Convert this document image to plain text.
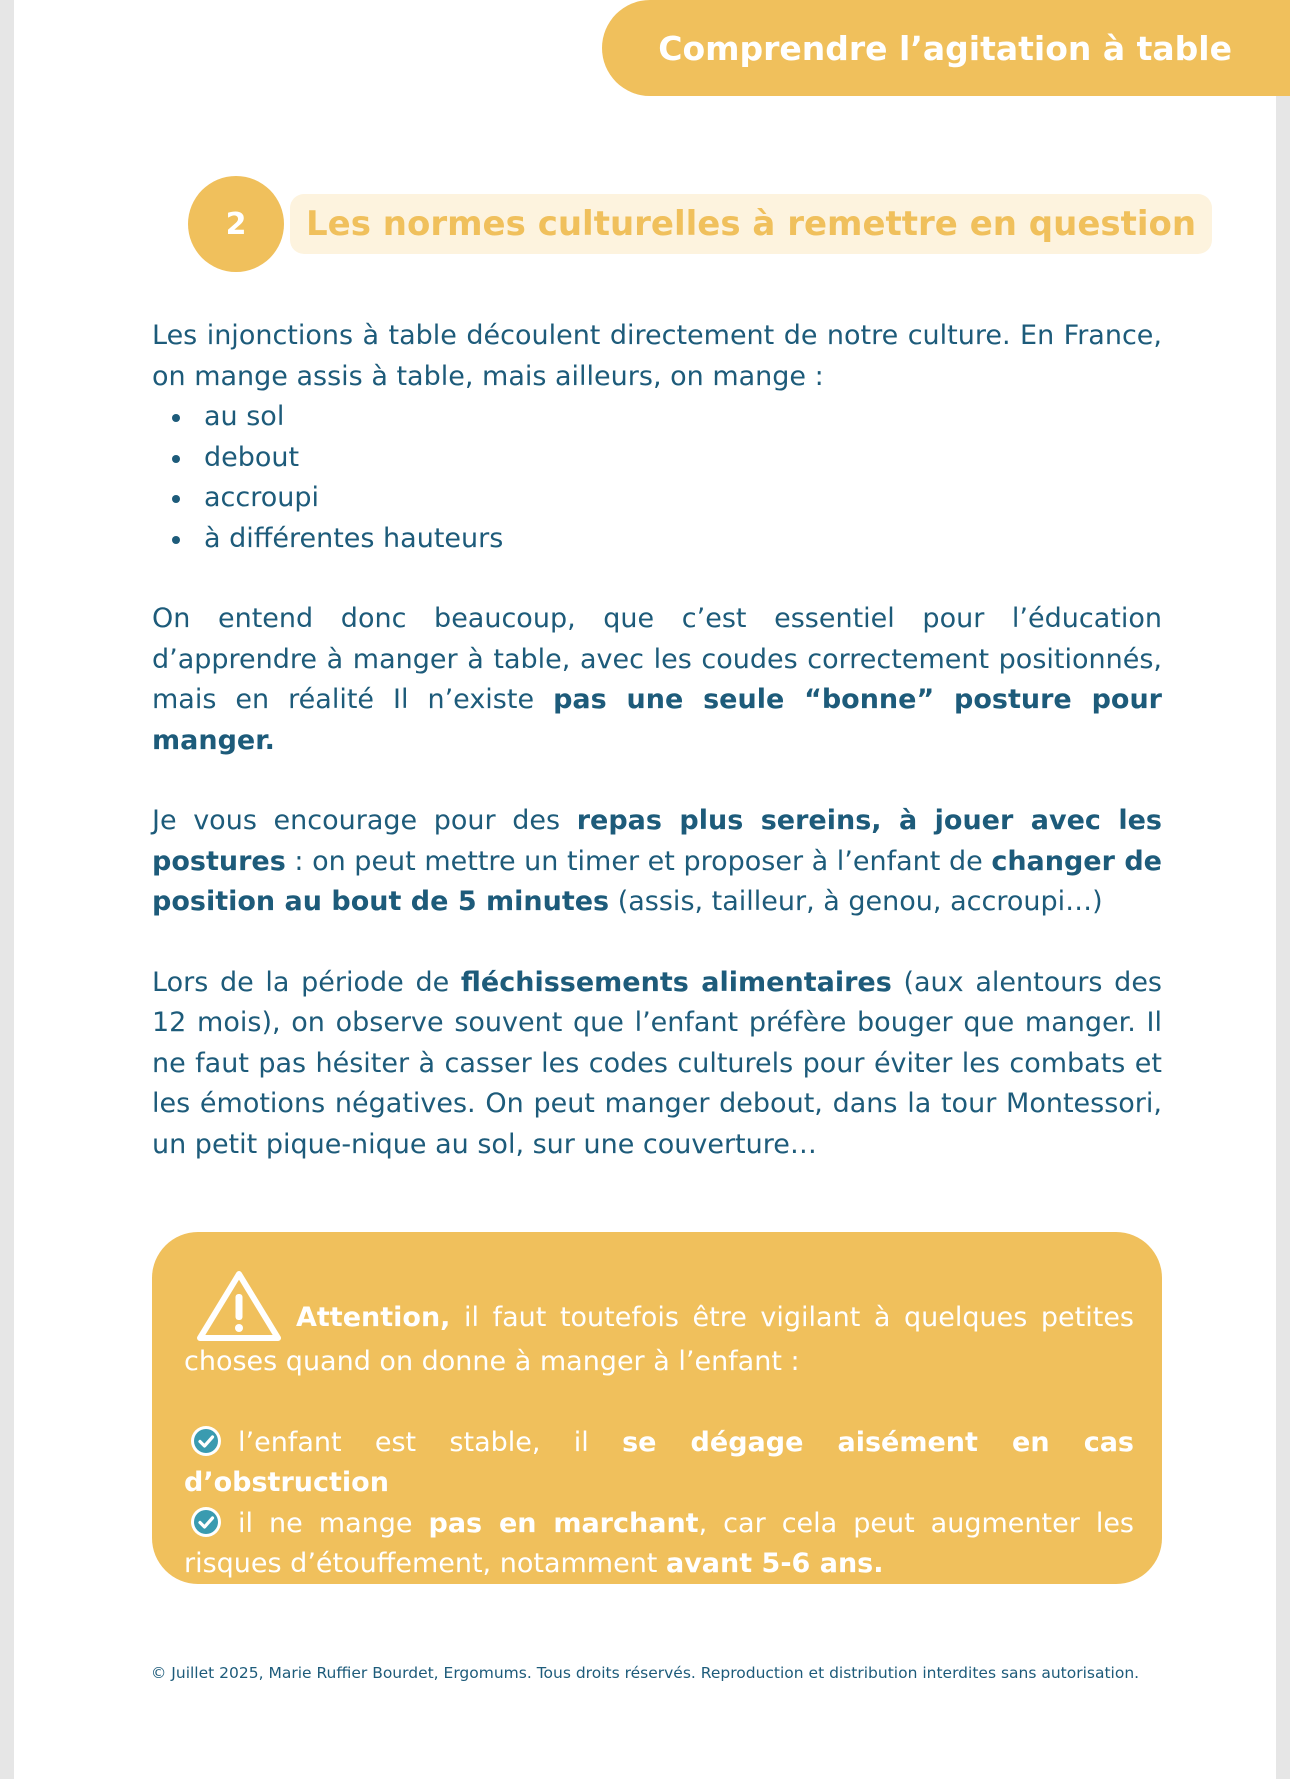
Comprendre l’agitation à table
2	Les normes culturelles à remettre en question

Les injonctions à table découlent directement de notre culture. En France, on mange assis à table, mais ailleurs, on mange :

au sol
debout
accroupi
à différentes hauteurs

On entend donc beaucoup, que c’est essentiel pour l’éducation d’apprendre à manger à table, avec les coudes correctement positionnés, mais en réalité Il n’existe pas une seule “bonne” posture pour manger.

Je vous encourage pour des repas plus sereins, à jouer avec les postures : on peut mettre un timer et proposer à l’enfant de changer de position au bout de 5 minutes (assis, tailleur, à genou, accroupi…)

Lors de la période de fléchissements alimentaires (aux alentours des 12 mois), on observe souvent que l’enfant préfère bouger que manger. Il ne faut pas hésiter à casser les codes culturels pour éviter les combats et les émotions négatives. On peut manger debout, dans la tour Montessori, un petit pique-nique au sol, sur une couverture…

Attention, il faut toutefois être vigilant à quelques petites choses quand on donne à manger à l’enfant :

l’enfant est stable, il se dégage aisément en cas d’obstruction

il ne mange pas en marchant, car cela peut augmenter les risques d’étouffement, notamment avant 5-6 ans.

© Juillet 2025, Marie Ruffier Bourdet, Ergomums. Tous droits réservés. Reproduction et distribution interdites sans autorisation.
